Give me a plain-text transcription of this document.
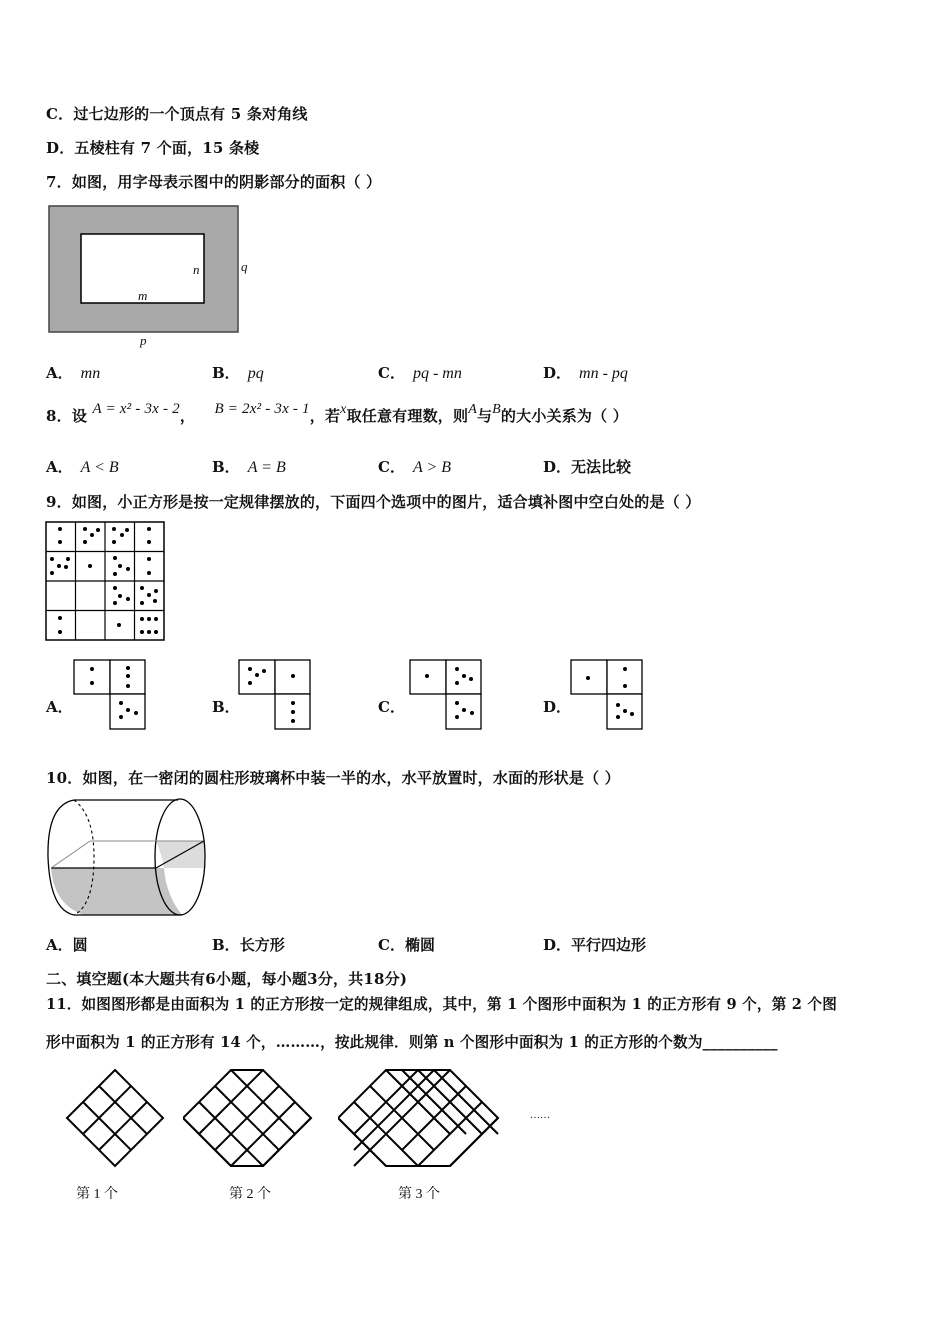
C．过七边形的一个顶点有 5 条对角线
D．五棱柱有 7 个面，15 条棱
7．如图，用字母表示图中的阴影部分的面积（ ）
n
m
q
p
A． mn	B． pq	C． pq - mn	D． mn - pq
8．设 A = x² - 3x - 2， B = 2x² - 3x - 1，若x取任意有理数，则A与B的大小关系为（ ）
A． A < B	B． A = B	C． A > B	D．无法比较
9．如图，小正方形是按一定规律摆放的，下面四个选项中的图片，适合填补图中空白处的是（ ）
A．	B．	C．	D．
10．如图，在一密闭的圆柱形玻璃杯中装一半的水，水平放置时，水面的形状是（ ）
A．圆	B．长方形	C．椭圆	D．平行四边形
二、填空题(本大题共有6小题，每小题3分，共18分)
11．如图图形都是由面积为 1 的正方形按一定的规律组成，其中，第 1 个图形中面积为 1 的正方形有 9 个，第 2 个图
形中面积为 1 的正方形有 14 个，………，按此规律．则第 n 个图形中面积为 1 的正方形的个数为__________
第 1 个	第 2 个	第 3 个
……
